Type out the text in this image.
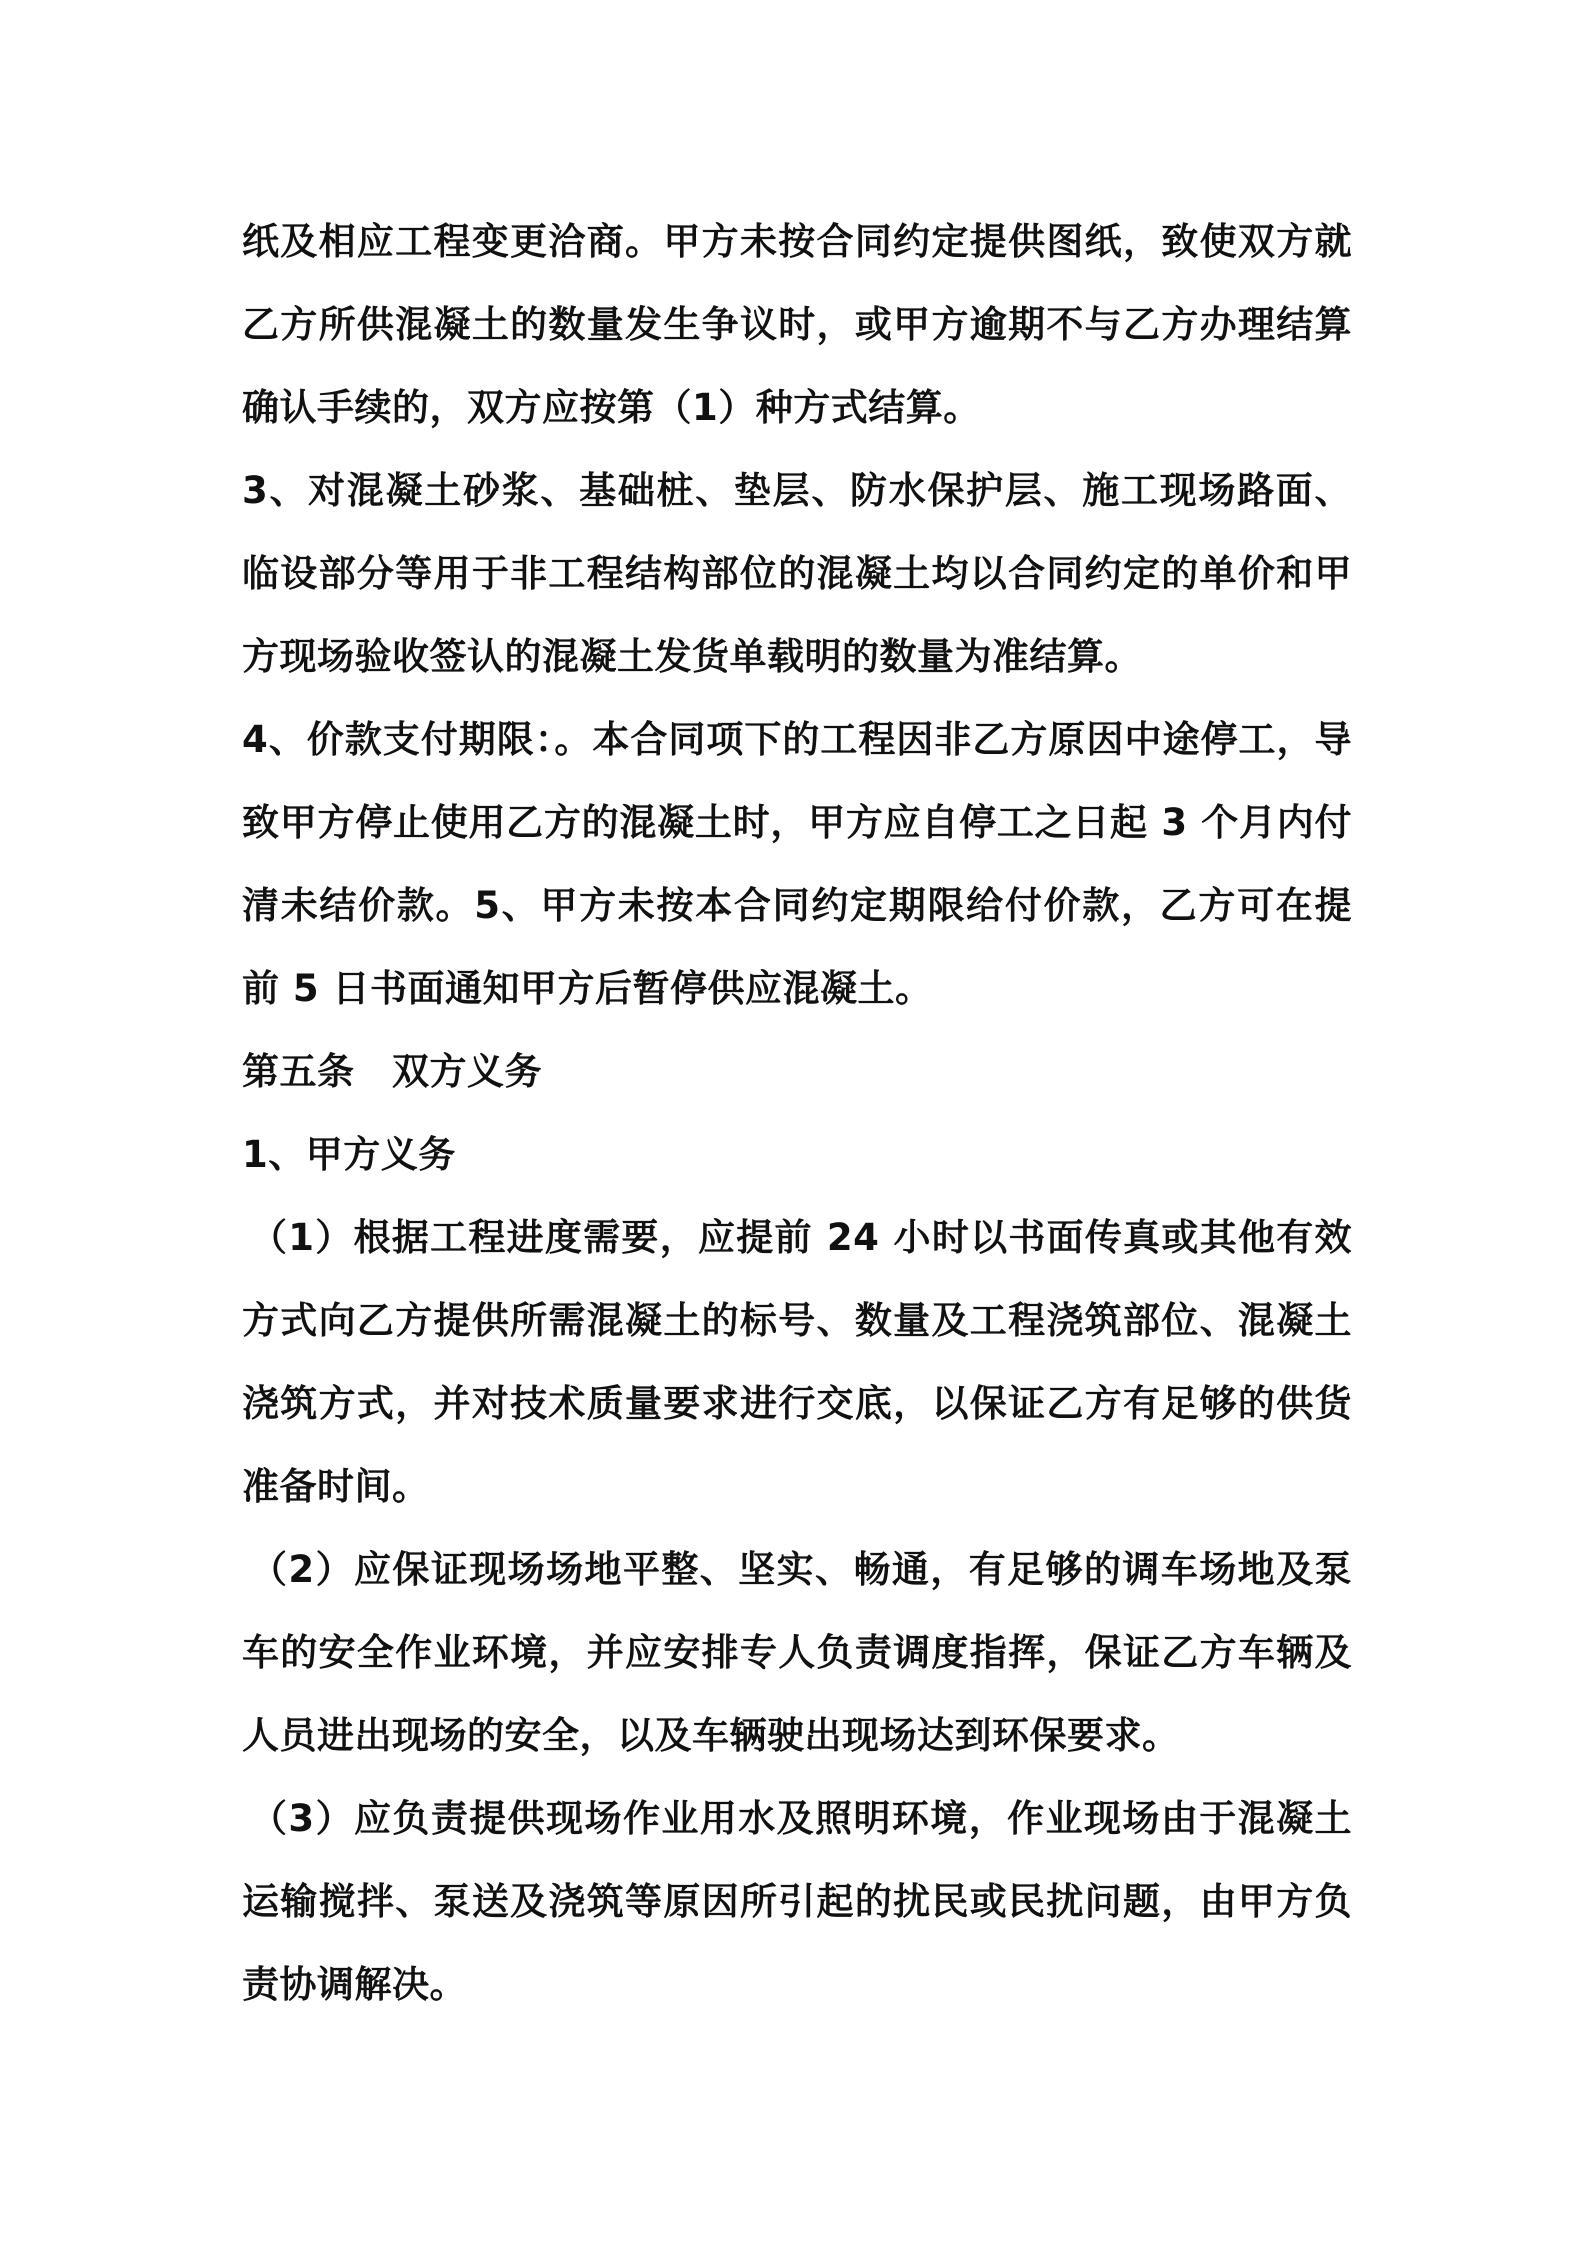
纸及相应工程变更洽商。甲方未按合同约定提供图纸，致使双方就乙方所供混凝土的数量发生争议时，或甲方逾期不与乙方办理结算确认手续的，双方应按第（1）种方式结算。

3、对混凝土砂浆、基础桩、垫层、防水保护层、施工现场路面、临设部分等用于非工程结构部位的混凝土均以合同约定的单价和甲方现场验收签认的混凝土发货单载明的数量为准结算。

4、价款支付期限：。本合同项下的工程因非乙方原因中途停工，导致甲方停止使用乙方的混凝土时，甲方应自停工之日起 3 个月内付清未结价款。5、甲方未按本合同约定期限给付价款，乙方可在提前 5 日书面通知甲方后暂停供应混凝土。

第五条　双方义务

1、甲方义务

（1）根据工程进度需要，应提前 24 小时以书面传真或其他有效方式向乙方提供所需混凝土的标号、数量及工程浇筑部位、混凝土浇筑方式，并对技术质量要求进行交底，以保证乙方有足够的供货准备时间。

（2）应保证现场场地平整、坚实、畅通，有足够的调车场地及泵车的安全作业环境，并应安排专人负责调度指挥，保证乙方车辆及人员进出现场的安全，以及车辆驶出现场达到环保要求。

（3）应负责提供现场作业用水及照明环境，作业现场由于混凝土运输搅拌、泵送及浇筑等原因所引起的扰民或民扰问题，由甲方负责协调解决。
